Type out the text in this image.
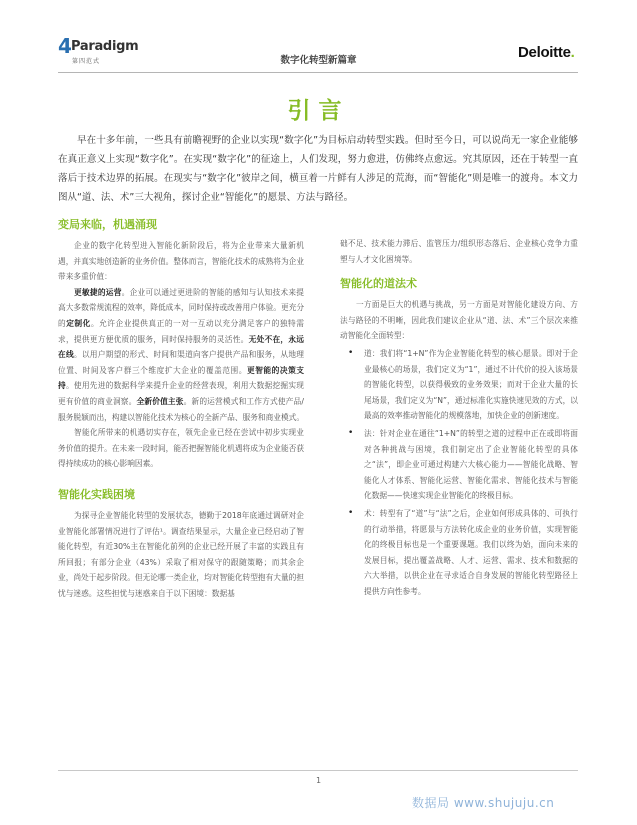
4 Paradigm
第四范式	数字化转型新篇章	Deloitte.
引言

早在十多年前，一些具有前瞻视野的企业以实现“数字化”为目标启动转型实践。但时至今日，可以说尚无一家企业能够在真正意义上实现“数字化”。在实现“数字化”的征途上，人们发现，努力愈进，仿佛终点愈远。究其原因，还在于转型一直落后于技术边界的拓展。在现实与“数字化”彼岸之间，横亘着一片鲜有人涉足的荒海，而“智能化”则是唯一的渡舟。本文力图从“道、法、术”三大视角，探讨企业“智能化”的愿景、方法与路径。

变局来临，机遇涌现

企业的数字化转型进入智能化新阶段后，将为企业带来大量新机遇，并真实地创造新的业务价值。整体而言，智能化技术的成熟将为企业带来多重价值：

更敏捷的运营。企业可以通过更进阶的智能的感知与认知技术来提高大多数常规流程的效率，降低成本，同时保持或改善用户体验。更充分的定制化。允许企业提供真正的一对一互动以充分满足客户的独特需求，提供更方便优质的服务，同时保持服务的灵活性。无处不在，永远在线。以用户期望的形式、时间和渠道向客户提供产品和服务，从地理位置、时间及客户群三个维度扩大企业的覆盖范围。更智能的决策支持。使用先进的数据科学来提升企业的经营表现，利用大数据挖掘实现更有价值的商业洞察。全新价值主张。新的运营模式和工作方式使产品/服务脱颖而出，构建以智能化技术为核心的全新产品、服务和商业模式。

智能化所带来的机遇切实存在，领先企业已经在尝试中初步实现业务价值的提升。在未来一段时间，能否把握智能化机遇将成为企业能否获得持续成功的核心影响因素。

智能化实践困境

为探寻企业智能化转型的发展状态，德勤于2018年底通过调研对企业智能化部署情况进行了评估¹。调查结果显示，大量企业已经启动了智能化转型，有近30%主在智能化前列的企业已经开展了丰富的实践且有所回报；有部分企业（43%）采取了相对保守的跟随策略；而其余企业，尚处于起步阶段。但无论哪一类企业，均对智能化转型抱有大量的担忧与迷惑。这些担忧与迷惑来自于以下困境：数据基

础不足、技术能力滞后、监管压力/组织形态落后、企业核心竞争力重塑与人才文化困境等。

智能化的道法术

一方面是巨大的机遇与挑战，另一方面是对智能化建设方向、方法与路径的不明晰，因此我们建议企业从“道、法、术”三个层次来推动智能化全面转型：

• 道：我们将“1+N”作为企业智能化转型的核心愿景。即对于企业最核心的场景，我们定义为“1”，通过不计代价的投入该场景的智能化转型，以获得极致的业务效果；而对于企业大量的长尾场景，我们定义为“N”，通过标准化实施快速见效的方式，以最高的效率推动智能化的规模落地，加快企业的创新速度。
• 法：针对企业在通往“1+N”的转型之道的过程中正在或即将面对各种挑战与困境，我们制定出了企业智能化转型的具体之“法”，即企业可通过构建六大核心能力——智能化战略、智能化人才体系、智能化运营、智能化需求、智能化技术与智能化数据——快速实现企业智能化的终极目标。
• 术：转型有了“道”与“法”之后，企业如何形成具体的、可执行的行动举措，将愿景与方法转化成企业的业务价值，实现智能化的终极目标也是一个重要课题。我们以终为始，面向未来的发展目标，提出覆盖战略、人才、运营、需求、技术和数据的六大举措，以供企业在寻求适合自身发展的智能化转型路径上提供方向性参考。
1
数据局 www.shujuju.cn
